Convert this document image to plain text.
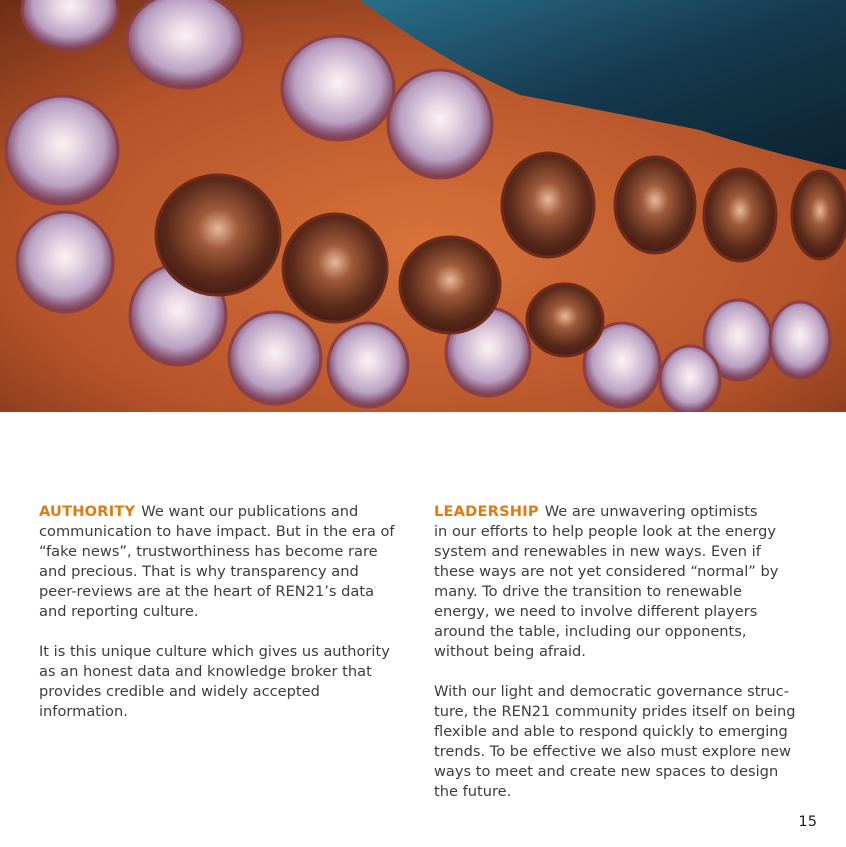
AUTHORITY We want our publications and
communication to have impact. But in the era of
“fake news”, trustworthiness has become rare
and precious. That is why transparency and
peer-reviews are at the heart of REN21’s data
and reporting culture.

It is this unique culture which gives us authority
as an honest data and knowledge broker that
provides credible and widely accepted
information.

LEADERSHIP We are unwavering optimists
in our efforts to help people look at the energy
system and renewables in new ways. Even if
these ways are not yet considered “normal” by
many. To drive the transition to renewable
energy, we need to involve different players
around the table, including our opponents,
without being afraid.

With our light and democratic governance struc-
ture, the REN21 community prides itself on being
flexible and able to respond quickly to emerging
trends. To be effective we also must explore new
ways to meet and create new spaces to design
the future.

15
